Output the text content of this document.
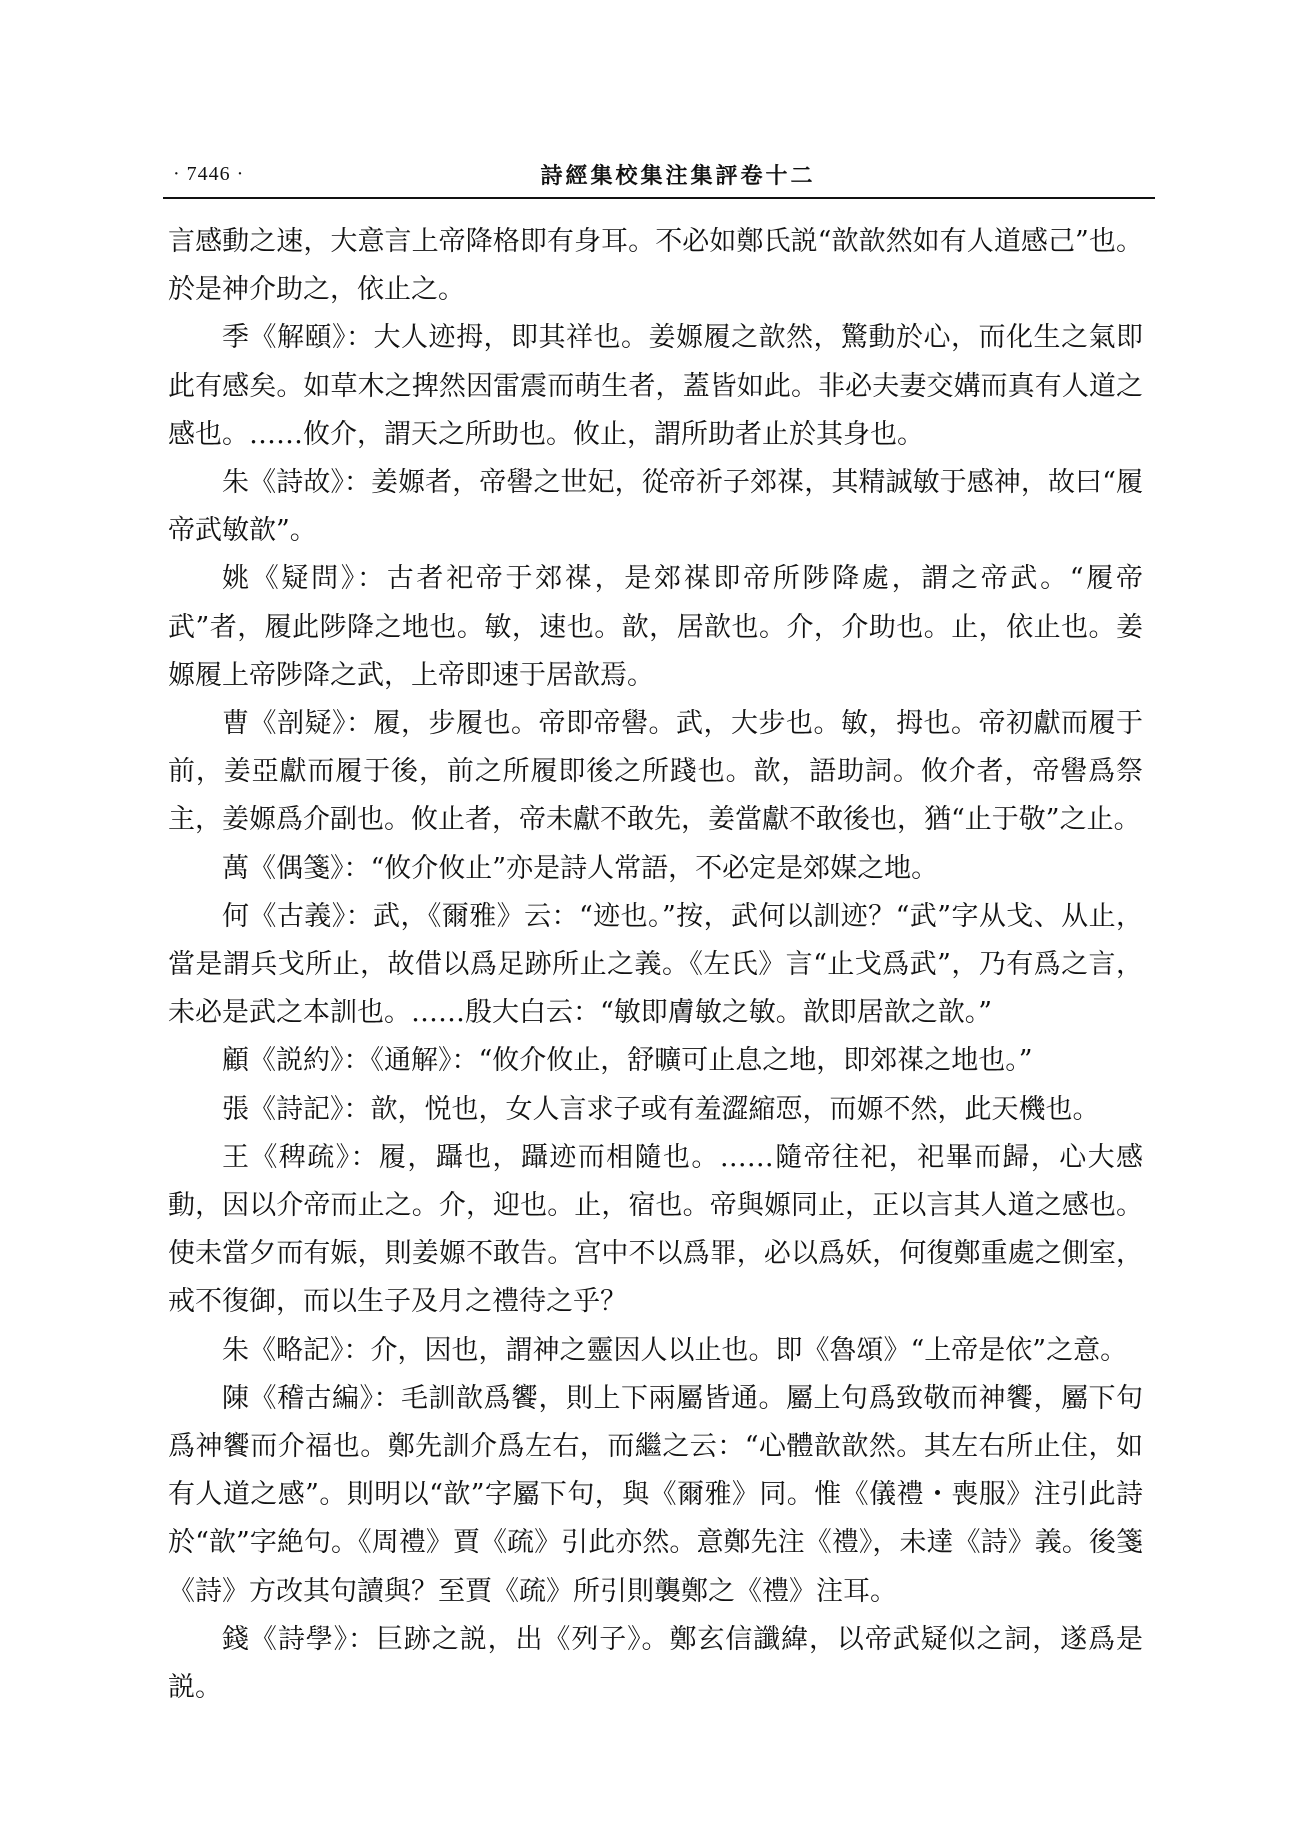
· 7446 ·	詩經集校集注集評卷十二

言感動之速，大意言上帝降格即有身耳。不必如鄭氏説“歆歆然如有人道感己”也。於是神介助之，依止之。

季《解頤》：大人迹拇，即其祥也。姜嫄履之歆然，驚動於心，而化生之氣即此有感矣。如草木之捭然因雷震而萌生者，蓋皆如此。非必夫妻交媾而真有人道之感也。……攸介，謂天之所助也。攸止，謂所助者止於其身也。

朱《詩故》：姜嫄者，帝嚳之世妃，從帝祈子郊禖，其精誠敏于感神，故曰“履帝武敏歆”。

姚《疑問》：古者祀帝于郊禖，是郊禖即帝所陟降處，謂之帝武。“履帝武”者，履此陟降之地也。敏，速也。歆，居歆也。介，介助也。止，依止也。姜嫄履上帝陟降之武，上帝即速于居歆焉。

曹《剖疑》：履，步履也。帝即帝嚳。武，大步也。敏，拇也。帝初獻而履于前，姜亞獻而履于後，前之所履即後之所踐也。歆，語助詞。攸介者，帝嚳爲祭主，姜嫄爲介副也。攸止者，帝未獻不敢先，姜當獻不敢後也，猶“止于敬”之止。

萬《偶箋》：“攸介攸止”亦是詩人常語，不必定是郊媒之地。

何《古義》：武，《爾雅》云：“迹也。”按，武何以訓迹？“武”字从戈、从止，當是謂兵戈所止，故借以爲足跡所止之義。《左氏》言“止戈爲武”，乃有爲之言，未必是武之本訓也。……殷大白云：“敏即膚敏之敏。歆即居歆之歆。”

顧《説約》：《通解》：“攸介攸止，舒曠可止息之地，即郊禖之地也。”

張《詩記》：歆，悦也，女人言求子或有羞澀縮恧，而嫄不然，此天機也。

王《稗疏》：履，躡也，躡迹而相隨也。……隨帝往祀，祀畢而歸，心大感動，因以介帝而止之。介，迎也。止，宿也。帝與嫄同止，正以言其人道之感也。使未當夕而有娠，則姜嫄不敢告。宫中不以爲罪，必以爲妖，何復鄭重處之側室，戒不復御，而以生子及月之禮待之乎？

朱《略記》：介，因也，謂神之靈因人以止也。即《魯頌》“上帝是依”之意。

陳《稽古編》：毛訓歆爲饗，則上下兩屬皆通。屬上句爲致敬而神饗，屬下句爲神饗而介福也。鄭先訓介爲左右，而繼之云：“心體歆歆然。其左右所止住，如有人道之感”。則明以“歆”字屬下句，與《爾雅》同。惟《儀禮・喪服》注引此詩於“歆”字絶句。《周禮》賈《疏》引此亦然。意鄭先注《禮》，未達《詩》義。後箋《詩》方改其句讀與？至賈《疏》所引則襲鄭之《禮》注耳。

錢《詩學》：巨跡之説，出《列子》。鄭玄信讖緯，以帝武疑似之詞，遂爲是説。
